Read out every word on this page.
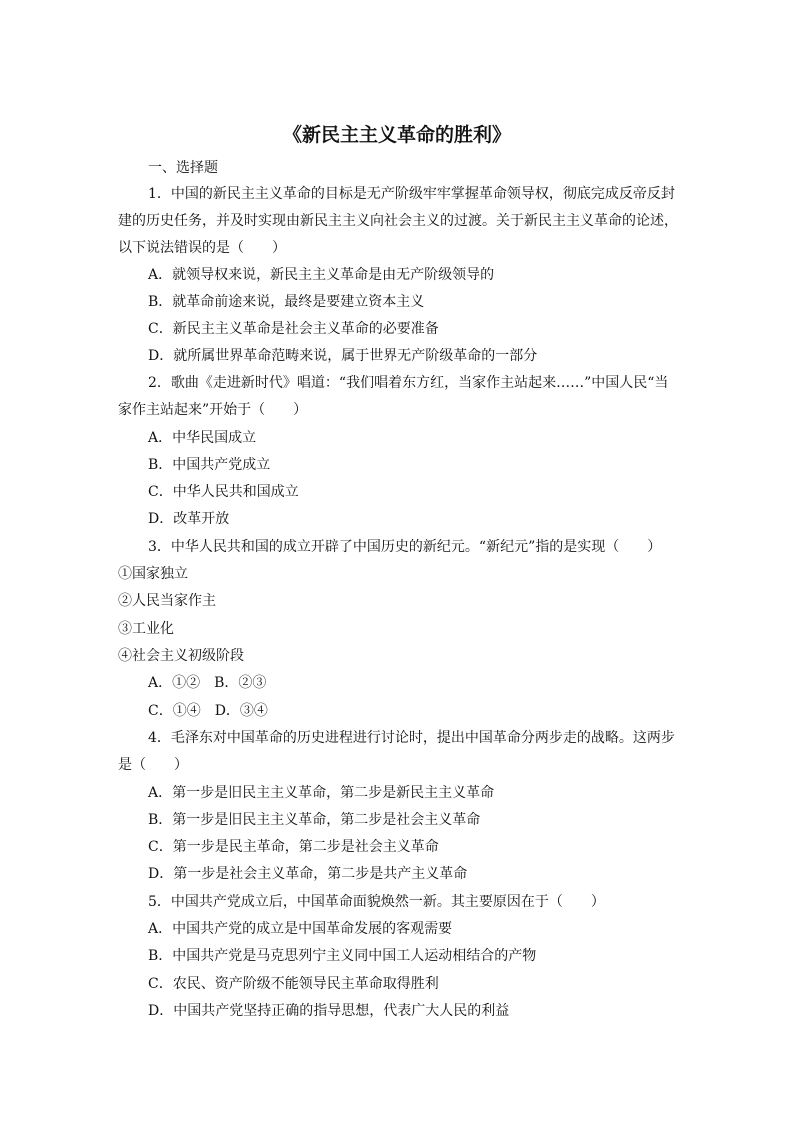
《新民主主义革命的胜利》
一、选择题
1．中国的新民主主义革命的目标是无产阶级牢牢掌握革命领导权，彻底完成反帝反封
建的历史任务，并及时实现由新民主主义向社会主义的过渡。关于新民主主义革命的论述，
以下说法错误的是（　　）
A．就领导权来说，新民主主义革命是由无产阶级领导的
B．就革命前途来说，最终是要建立资本主义
C．新民主主义革命是社会主义革命的必要准备
D．就所属世界革命范畴来说，属于世界无产阶级革命的一部分
2．歌曲《走进新时代》唱道：“我们唱着东方红，当家作主站起来……”中国人民“当
家作主站起来”开始于（　　）
A．中华民国成立
B．中国共产党成立
C．中华人民共和国成立
D．改革开放
3．中华人民共和国的成立开辟了中国历史的新纪元。“新纪元”指的是实现（　　）
①国家独立
②人民当家作主
③工业化
④社会主义初级阶段
A．①②　B．②③
C．①④　D．③④
4．毛泽东对中国革命的历史进程进行讨论时，提出中国革命分两步走的战略。这两步
是（　　）
A．第一步是旧民主主义革命，第二步是新民主主义革命
B．第一步是旧民主主义革命，第二步是社会主义革命
C．第一步是民主革命，第二步是社会主义革命
D．第一步是社会主义革命，第二步是共产主义革命
5．中国共产党成立后，中国革命面貌焕然一新。其主要原因在于（　　）
A．中国共产党的成立是中国革命发展的客观需要
B．中国共产党是马克思列宁主义同中国工人运动相结合的产物
C．农民、资产阶级不能领导民主革命取得胜利
D．中国共产党坚持正确的指导思想，代表广大人民的利益
